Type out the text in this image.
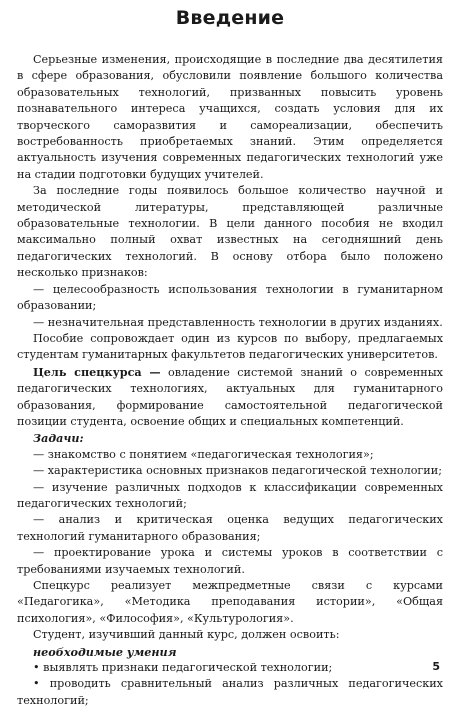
Введение

Серьезные изменения, происходящие в последние два десятилетия в сфере образования, обусловили появление большого количества образовательных технологий, призванных повысить уровень познавательного интереса учащихся, создать условия для их творческого саморазвития и самореализации, обеспечить востребованность приобретаемых знаний. Этим определяется актуальность изучения современных педагогических технологий уже на стадии подготовки будущих учителей.

За последние годы появилось большое количество научной и методической литературы, представляющей различные образовательные технологии. В цели данного пособия не входил максимально полный охват известных на сегодняшний день педагогических технологий. В основу отбора было положено несколько признаков:

— целесообразность использования технологии в гуманитарном образовании;

— незначительная представленность технологии в других изданиях.

Пособие сопровождает один из курсов по выбору, предлагаемых студентам гуманитарных факультетов педагогических университетов.

Цель спецкурса — овладение системой знаний о современных педагогических технологиях, актуальных для гуманитарного образования, формирование самостоятельной педагогической позиции студента, освоение общих и специальных компетенций.

Задачи:

— знакомство с понятием «педагогическая технология»;

— характеристика основных признаков педагогической технологии;

— изучение различных подходов к классификации современных педагогических технологий;

— анализ и критическая оценка ведущих педагогических технологий гуманитарного образования;

— проектирование урока и системы уроков в соответствии с требованиями изучаемых технологий.

Спецкурс реализует межпредметные связи с курсами «Педагогика», «Методика преподавания истории», «Общая психология», «Философия», «Культурология».

Студент, изучивший данный курс, должен освоить:

необходимые умения

• выявлять признаки педагогической технологии;

• проводить сравнительный анализ различных педагогических технологий;

5
